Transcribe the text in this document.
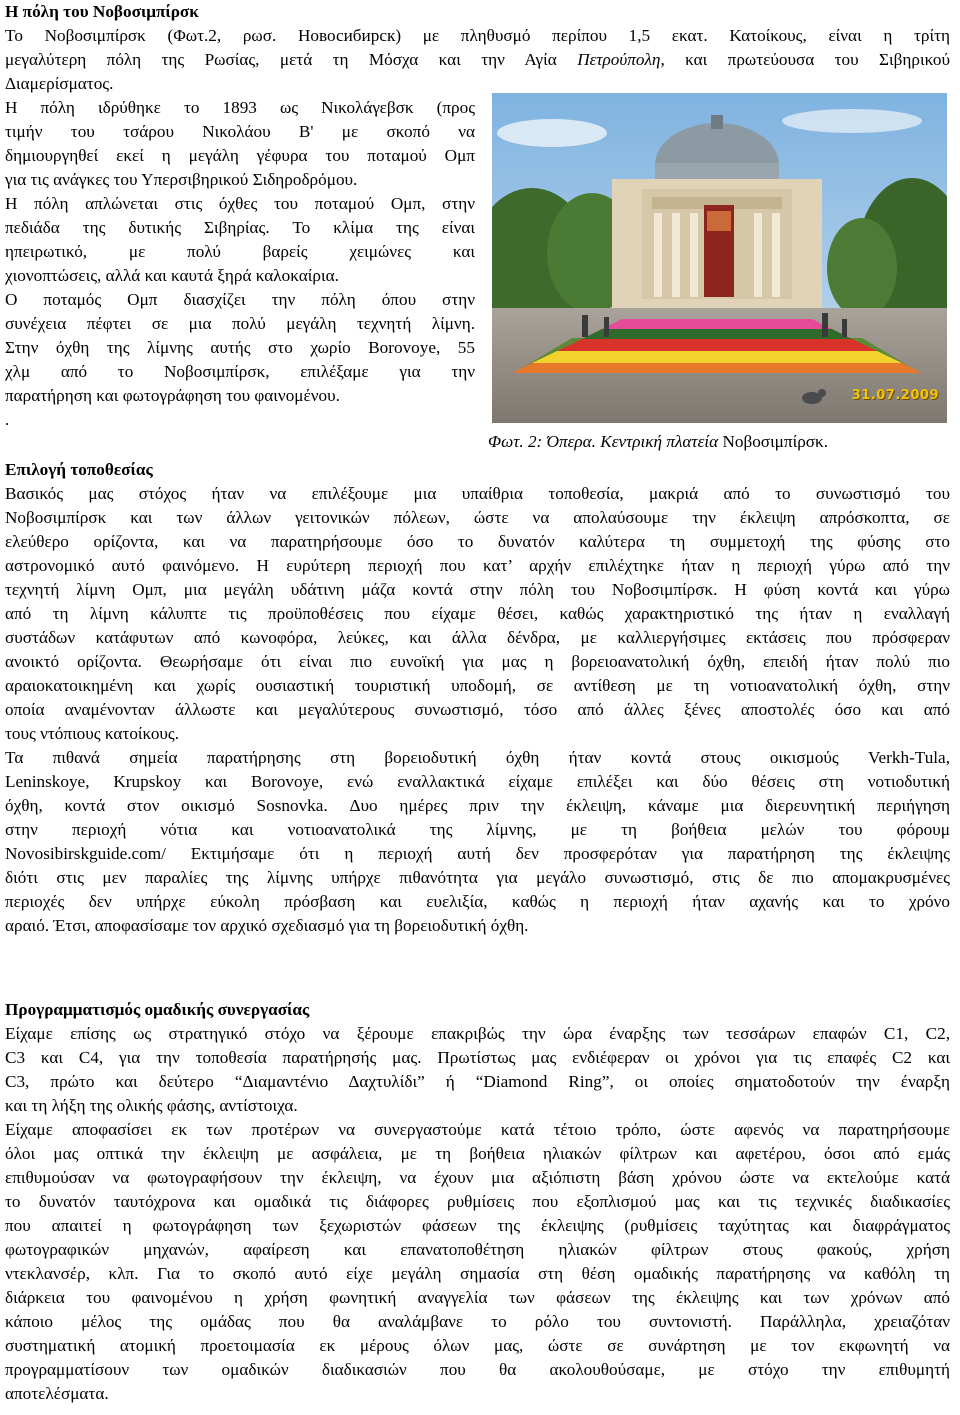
Η πόλη του Νοβοσιμπίρσκ
Το Νοβοσιμπίρσκ (Φωτ.2, ρωσ. Новосибирск) με πληθυσμό περίπου 1,5 εκατ. Κατοίκους, είναι η τρίτη
μεγαλύτερη πόλη της Ρωσίας, μετά τη Μόσχα και την Αγία Πετρούπολη, και πρωτεύουσα του Σιβηρικού
Διαμερίσματος.
Η πόλη ιδρύθηκε το 1893 ως Νικολάγεβσκ (προς
τιμήν του τσάρου Νικολάου Β' με σκοπό να
δημιουργηθεί εκεί η μεγάλη γέφυρα του ποταμού Ομπ
για τις ανάγκες του Υπερσιβηρικού Σιδηροδρόμου.
Η πόλη απλώνεται στις όχθες του ποταμού Ομπ, στην
πεδιάδα της δυτικής Σιβηρίας. Το κλίμα της είναι
ηπειρωτικό, με πολύ βαρείς χειμώνες και
χιονοπτώσεις, αλλά και καυτά ξηρά καλοκαίρια.
Ο ποταμός Ομπ διασχίζει την πόλη όπου στην
συνέχεια πέφτει σε μια πολύ μεγάλη τεχνητή λίμνη.
Στην όχθη της λίμνης αυτής στο χωρίο Borovoye, 55
χλμ από το Νοβοσιμπίρσκ, επιλέξαμε για την
παρατήρηση και φωτογράφηση του φαινομένου.
.
31.07.2009
Φωτ. 2: Όπερα. Κεντρική πλατεία Νοβοσιμπίρσκ.
Επιλογή τοποθεσίας
Βασικός μας στόχος ήταν να επιλέξουμε μια υπαίθρια τοποθεσία, μακριά από το συνωστισμό του
Νοβοσιμπίρσκ και των άλλων γειτονικών πόλεων, ώστε να απολαύσουμε την έκλειψη απρόσκοπτα, σε
ελεύθερο ορίζοντα, και να παρατηρήσουμε όσο το δυνατόν καλύτερα τη συμμετοχή της φύσης στο
αστρονομικό αυτό φαινόμενο. Η ευρύτερη περιοχή που κατ’ αρχήν επιλέχτηκε ήταν η περιοχή γύρω από την
τεχνητή λίμνη Ομπ, μια μεγάλη υδάτινη μάζα κοντά στην πόλη του Νοβοσιμπίρσκ. Η φύση κοντά και γύρω
από τη λίμνη κάλυπτε τις προϋποθέσεις που είχαμε θέσει, καθώς χαρακτηριστικό της ήταν η εναλλαγή
συστάδων κατάφυτων από κωνοφόρα, λεύκες, και άλλα δένδρα, με καλλιεργήσιμες εκτάσεις που πρόσφεραν
ανοικτό ορίζοντα. Θεωρήσαμε ότι είναι πιο ευνοϊκή για μας η βορειοανατολική όχθη, επειδή ήταν πολύ πιο
αραιοκατοικημένη και χωρίς ουσιαστική τουριστική υποδομή, σε αντίθεση με τη νοτιοανατολική όχθη, στην
οποία αναμένονταν άλλωστε και μεγαλύτερους συνωστισμό, τόσο από άλλες ξένες αποστολές όσο και από
τους ντόπιους κατοίκους.
Τα πιθανά σημεία παρατήρησης στη βορειοδυτική όχθη ήταν κοντά στους οικισμούς Verkh-Tula,
Leninskoye, Krupskoy και Borovoye, ενώ εναλλακτικά είχαμε επιλέξει και δύο θέσεις στη νοτιοδυτική
όχθη, κοντά στον οικισμό Sosnovka. Δυο ημέρες πριν την έκλειψη, κάναμε μια διερευνητική περιήγηση
στην περιοχή νότια και νοτιοανατολικά της λίμνης, με τη βοήθεια μελών του φόρουμ
Novosibirskguide.com/ Εκτιμήσαμε ότι η περιοχή αυτή δεν προσφερόταν για παρατήρηση της έκλειψης
διότι στις μεν παραλίες της λίμνης υπήρχε πιθανότητα για μεγάλο συνωστισμό, στις δε πιο απομακρυσμένες
περιοχές δεν υπήρχε εύκολη πρόσβαση και ευελιξία, καθώς η περιοχή ήταν αχανής και το χρόνο
αραιό. Έτσι, αποφασίσαμε τον αρχικό σχεδιασμό για τη βορειοδυτική όχθη.
Προγραμματισμός ομαδικής συνεργασίας
Είχαμε επίσης ως στρατηγικό στόχο να ξέρουμε επακριβώς την ώρα έναρξης των τεσσάρων επαφών C1, C2,
C3 και C4, για την τοποθεσία παρατήρησής μας. Πρωτίστως μας ενδιέφεραν οι χρόνοι για τις επαφές C2 και
C3, πρώτο και δεύτερο “Διαμαντένιο Δαχτυλίδι” ή “Diamond Ring”, οι οποίες σηματοδοτούν την έναρξη
και τη λήξη της ολικής φάσης, αντίστοιχα.
Είχαμε αποφασίσει εκ των προτέρων να συνεργαστούμε κατά τέτοιο τρόπο, ώστε αφενός να παρατηρήσουμε
όλοι μας οπτικά την έκλειψη με ασφάλεια, με τη βοήθεια ηλιακών φίλτρων και αφετέρου, όσοι από εμάς
επιθυμούσαν να φωτογραφήσουν την έκλειψη, να έχουν μια αξιόπιστη βάση χρόνου ώστε να εκτελούμε κατά
το δυνατόν ταυτόχρονα και ομαδικά τις διάφορες ρυθμίσεις που εξοπλισμού μας και τις τεχνικές διαδικασίες
που απαιτεί η φωτογράφηση των ξεχωριστών φάσεων της έκλειψης (ρυθμίσεις ταχύτητας και διαφράγματος
φωτογραφικών μηχανών, αφαίρεση και επανατοποθέτηση ηλιακών φίλτρων στους φακούς, χρήση
ντεκλανσέρ, κλπ. Για το σκοπό αυτό είχε μεγάλη σημασία στη θέση ομαδικής παρατήρησης να καθόλη τη
διάρκεια του φαινομένου η χρήση φωνητική αναγγελία των φάσεων της έκλειψης και των χρόνων από
κάποιο μέλος της ομάδας που θα αναλάμβανε το ρόλο του συντονιστή. Παράλληλα, χρειαζόταν
συστηματική ατομική προετοιμασία εκ μέρους όλων μας, ώστε σε συνάρτηση με τον εκφωνητή να
προγραμματίσουν των ομαδικών διαδικασιών που θα ακολουθούσαμε, με στόχο την επιθυμητή
αποτελέσματα.
